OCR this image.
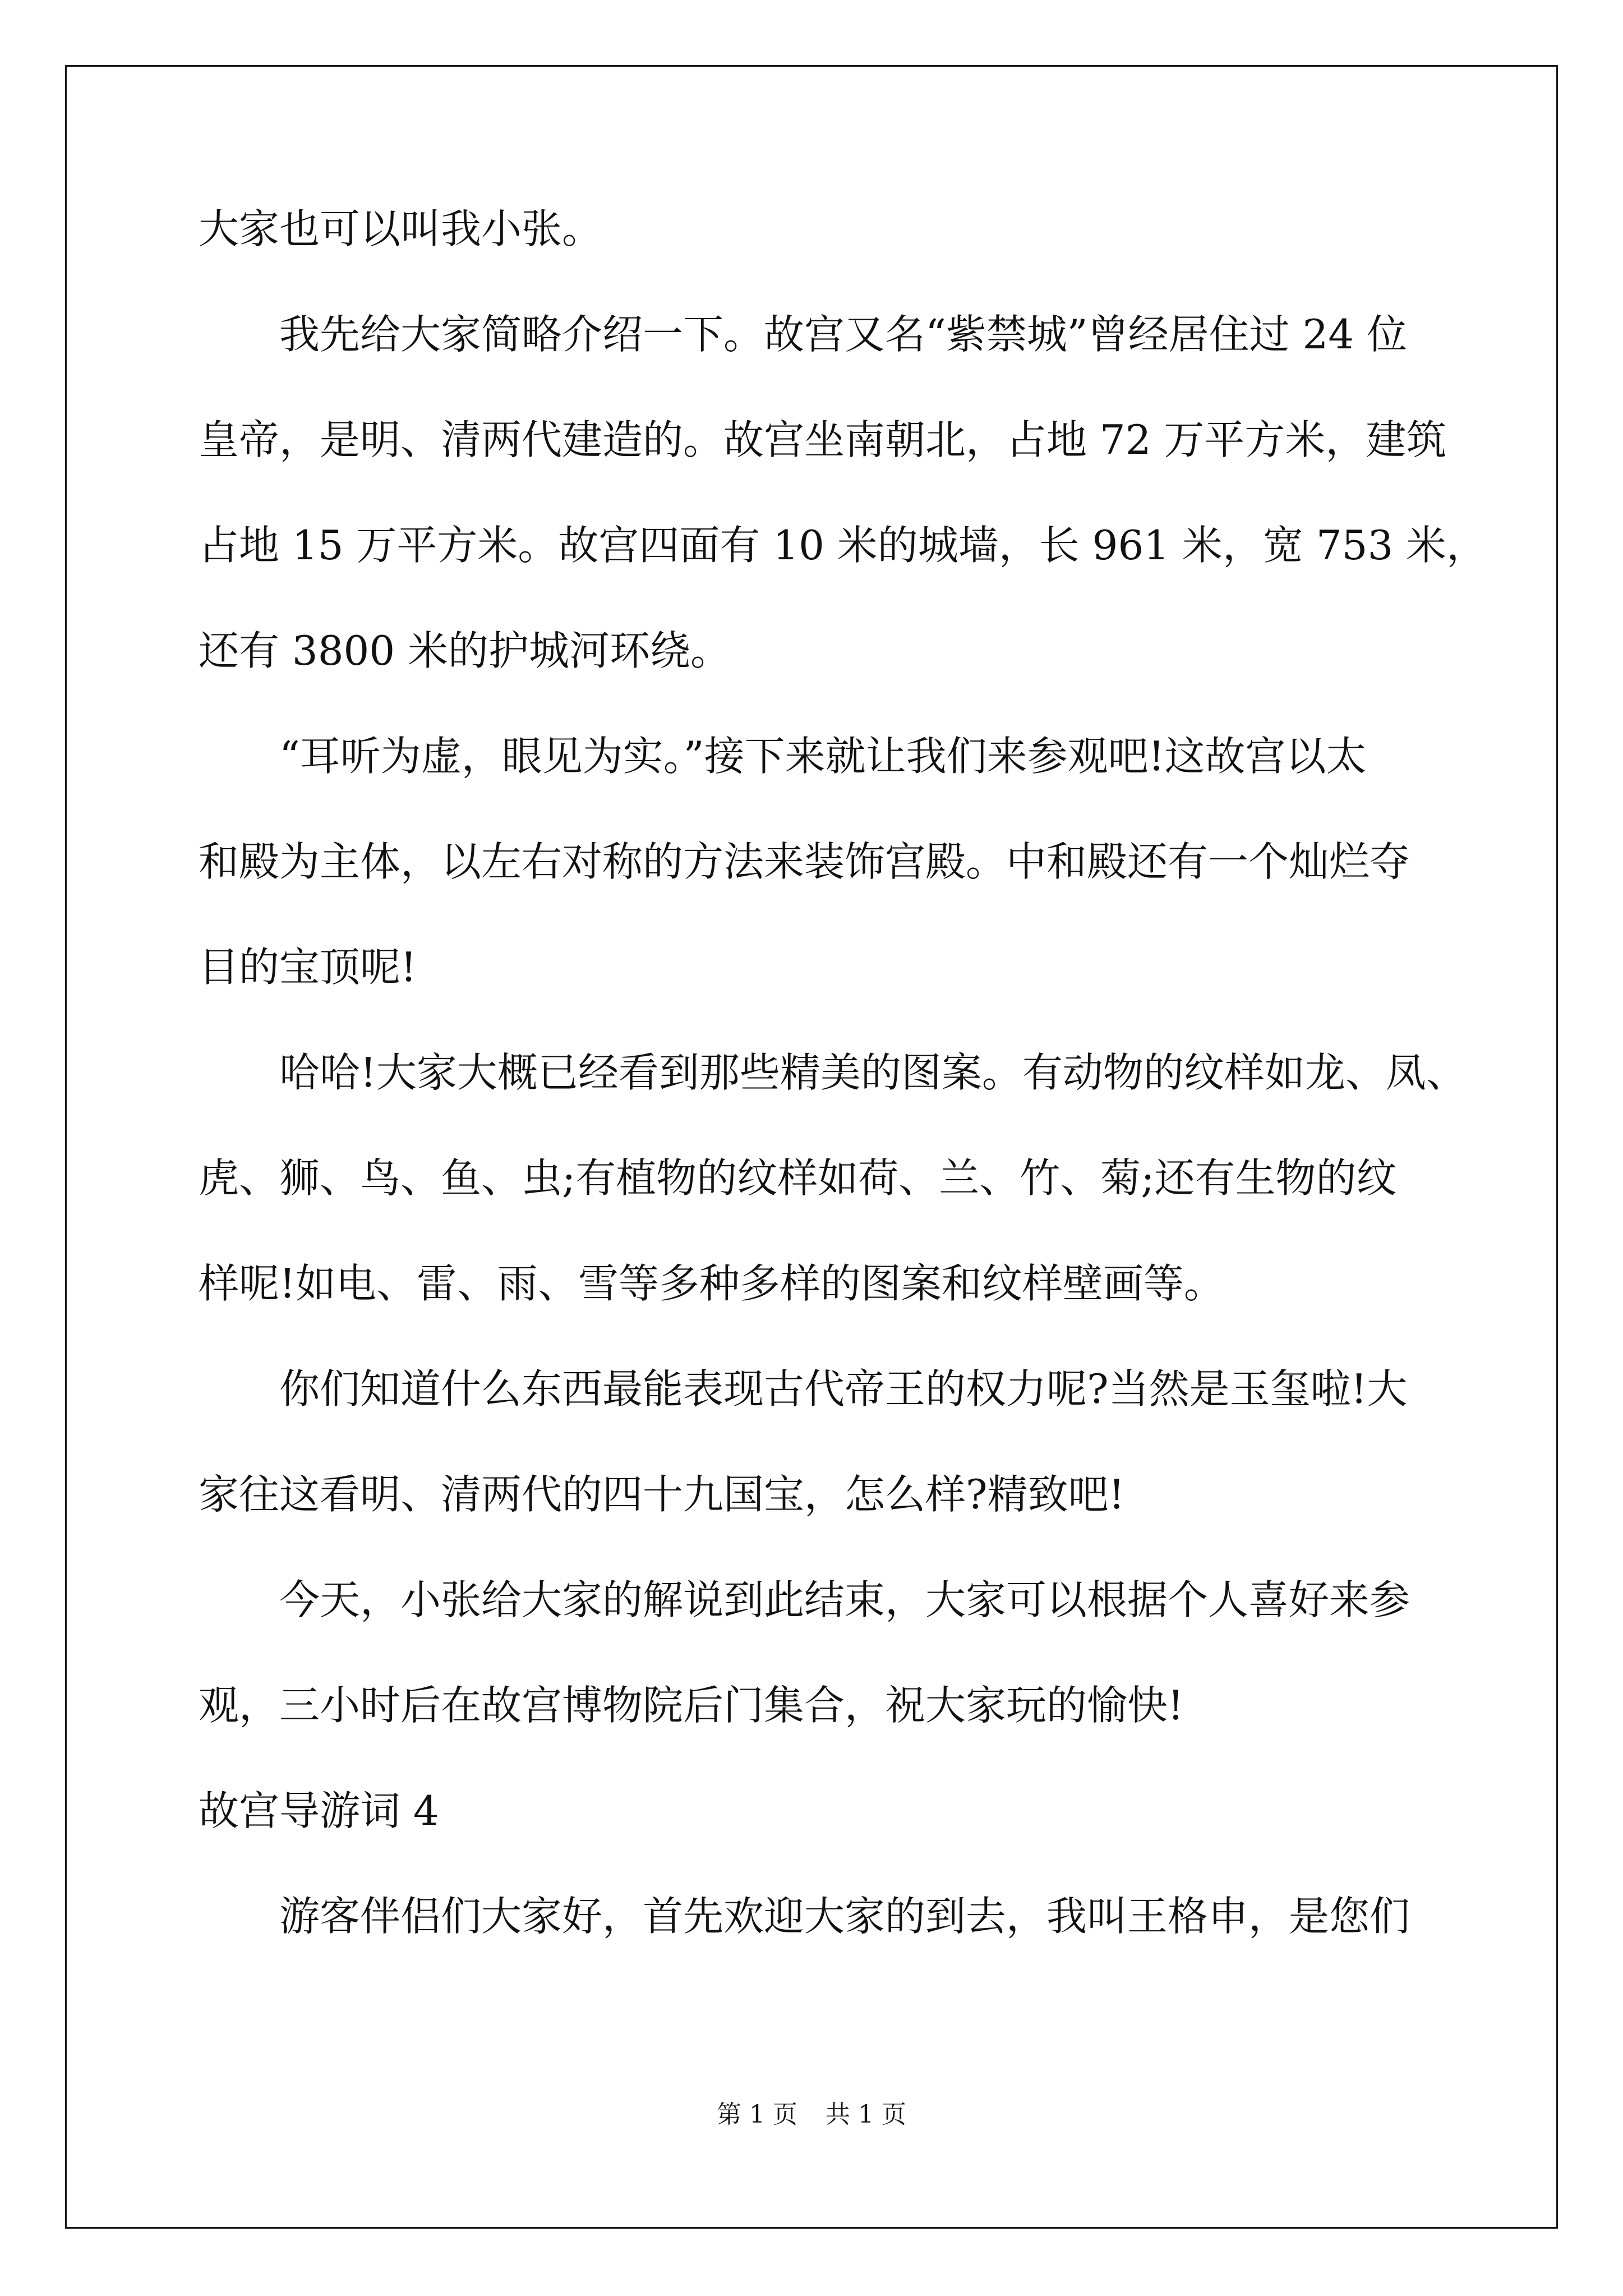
大家也可以叫我小张。
　　我先给大家简略介绍一下。故宫又名“紫禁城”曾经居住过 24 位
皇帝，是明、清两代建造的。故宫坐南朝北，占地 72 万平方米，建筑
占地 15 万平方米。故宫四面有 10 米的城墙，长 961 米，宽 753 米，
还有 3800 米的护城河环绕。
　　“耳听为虚，眼见为实。”接下来就让我们来参观吧!这故宫以太
和殿为主体，以左右对称的方法来装饰宫殿。中和殿还有一个灿烂夺
目的宝顶呢!
　　哈哈!大家大概已经看到那些精美的图案。有动物的纹样如龙、凤、
虎、狮、鸟、鱼、虫;有植物的纹样如荷、兰、竹、菊;还有生物的纹
样呢!如电、雷、雨、雪等多种多样的图案和纹样壁画等。
　　你们知道什么东西最能表现古代帝王的权力呢?当然是玉玺啦!大
家往这看明、清两代的四十九国宝，怎么样?精致吧!
　　今天，小张给大家的解说到此结束，大家可以根据个人喜好来参
观，三小时后在故宫博物院后门集合，祝大家玩的愉快!
故宫导游词 4
　　游客伴侣们大家好，首先欢迎大家的到去，我叫王格申，是您们
第 1 页 共 1 页
